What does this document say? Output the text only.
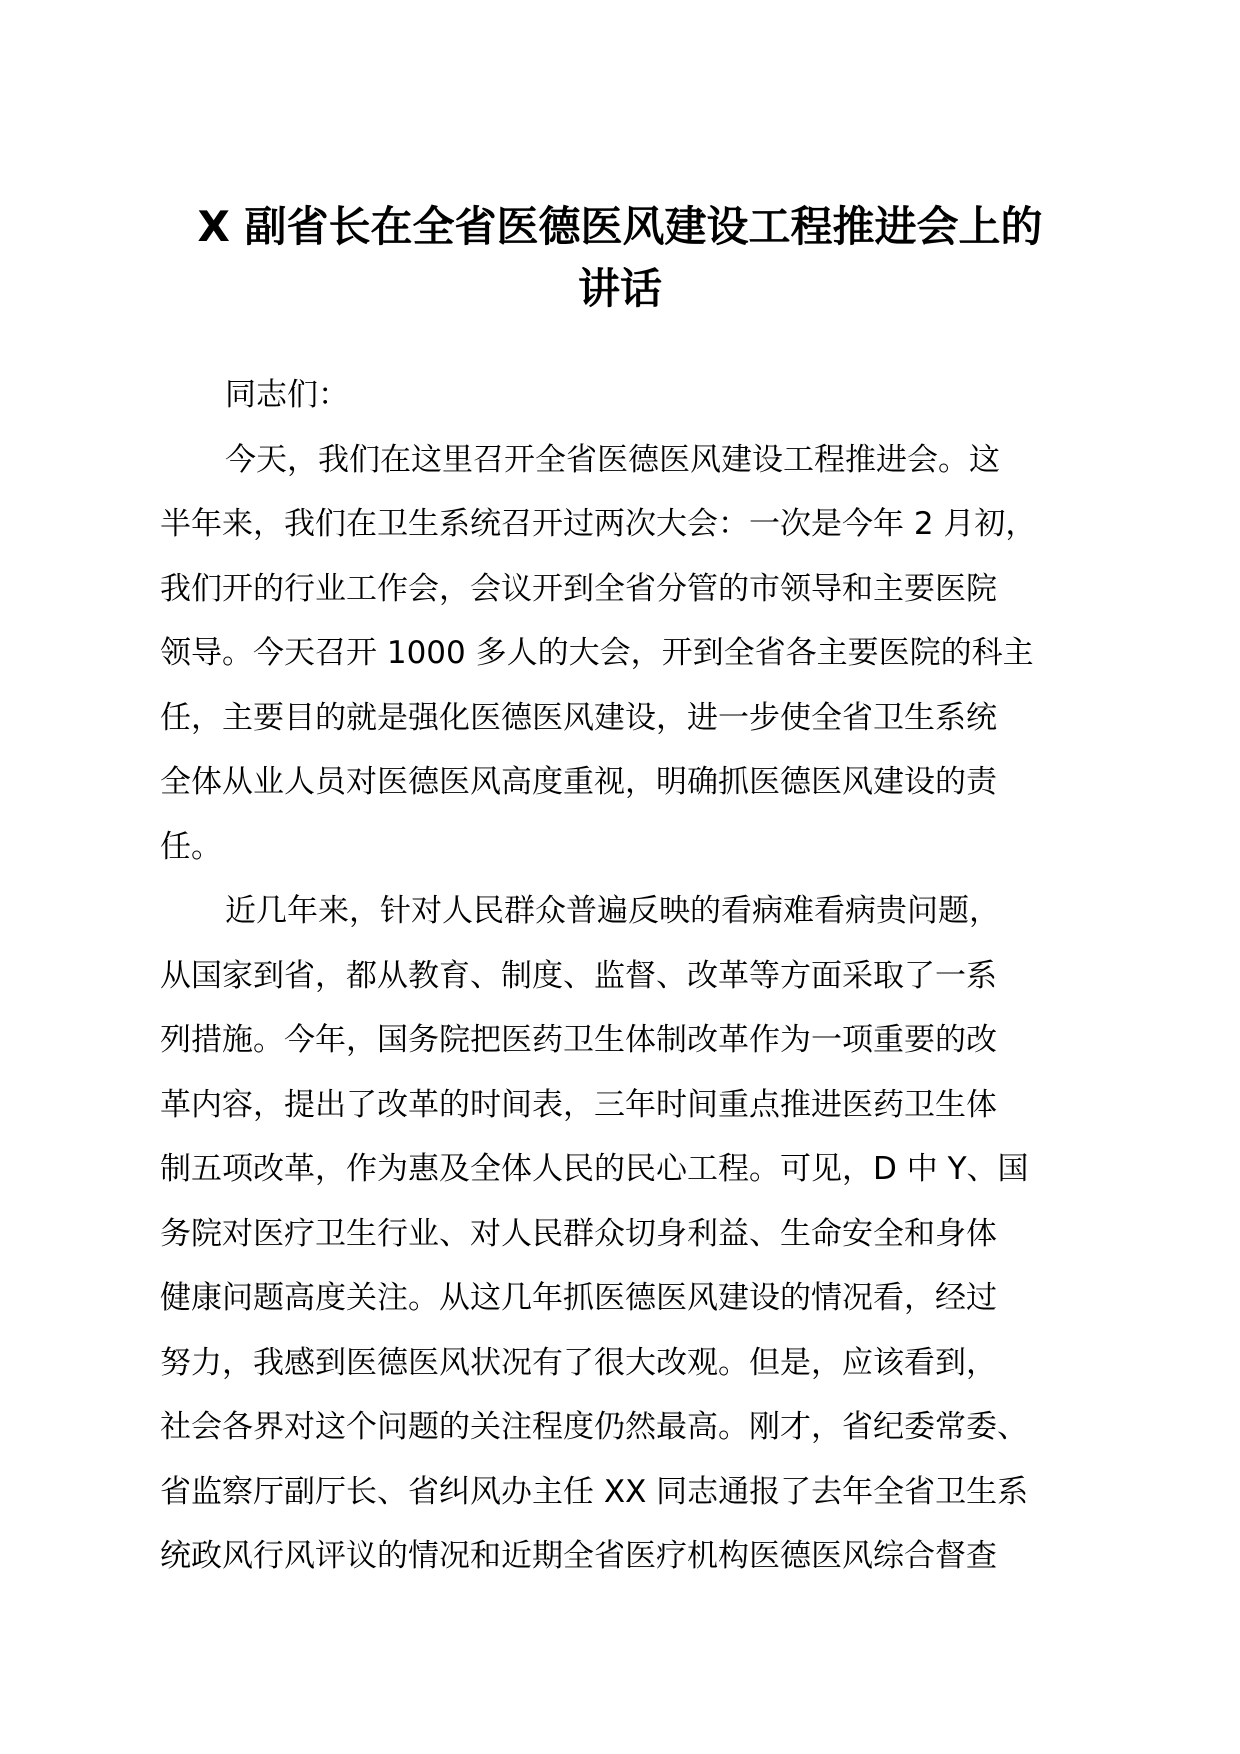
X 副省长在全省医德医风建设工程推进会上的
讲话
同志们：
今天，我们在这里召开全省医德医风建设工程推进会。这
半年来，我们在卫生系统召开过两次大会：一次是今年 2 月初，
我们开的行业工作会，会议开到全省分管的市领导和主要医院
领导。今天召开 1000 多人的大会，开到全省各主要医院的科主
任，主要目的就是强化医德医风建设，进一步使全省卫生系统
全体从业人员对医德医风高度重视，明确抓医德医风建设的责
任。
近几年来，针对人民群众普遍反映的看病难看病贵问题，
从国家到省，都从教育、制度、监督、改革等方面采取了一系
列措施。今年，国务院把医药卫生体制改革作为一项重要的改
革内容，提出了改革的时间表，三年时间重点推进医药卫生体
制五项改革，作为惠及全体人民的民心工程。可见，D 中 Y、国
务院对医疗卫生行业、对人民群众切身利益、生命安全和身体
健康问题高度关注。从这几年抓医德医风建设的情况看，经过
努力，我感到医德医风状况有了很大改观。但是，应该看到，
社会各界对这个问题的关注程度仍然最高。刚才，省纪委常委、
省监察厅副厅长、省纠风办主任 XX 同志通报了去年全省卫生系
统政风行风评议的情况和近期全省医疗机构医德医风综合督查
